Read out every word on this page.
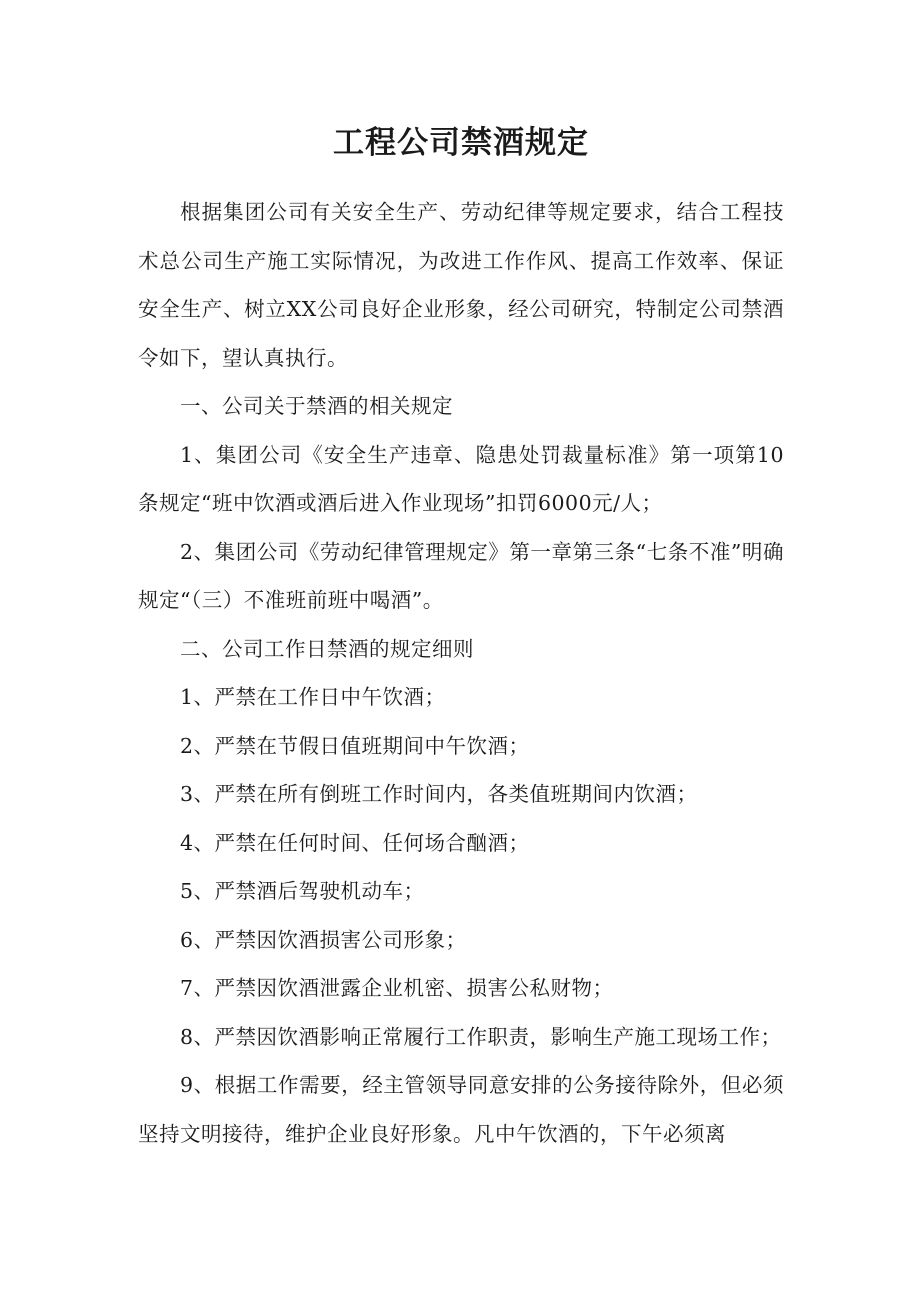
工程公司禁酒规定

根据集团公司有关安全生产、劳动纪律等规定要求，结合工程技术总公司生产施工实际情况，为改进工作作风、提高工作效率、保证安全生产、树立XX公司良好企业形象，经公司研究，特制定公司禁酒令如下，望认真执行。

一、公司关于禁酒的相关规定

1、集团公司《安全生产违章、隐患处罚裁量标准》第一项第10条规定“班中饮酒或酒后进入作业现场”扣罚6000元/人；

2、集团公司《劳动纪律管理规定》第一章第三条“七条不准”明确规定“（三）不准班前班中喝酒”。

二、公司工作日禁酒的规定细则

1、严禁在工作日中午饮酒；

2、严禁在节假日值班期间中午饮酒；

3、严禁在所有倒班工作时间内，各类值班期间内饮酒；

4、严禁在任何时间、任何场合酗酒；

5、严禁酒后驾驶机动车；

6、严禁因饮酒损害公司形象；

7、严禁因饮酒泄露企业机密、损害公私财物；

8、严禁因饮酒影响正常履行工作职责，影响生产施工现场工作；

9、根据工作需要，经主管领导同意安排的公务接待除外，但必须坚持文明接待，维护企业良好形象。凡中午饮酒的，下午必须离
